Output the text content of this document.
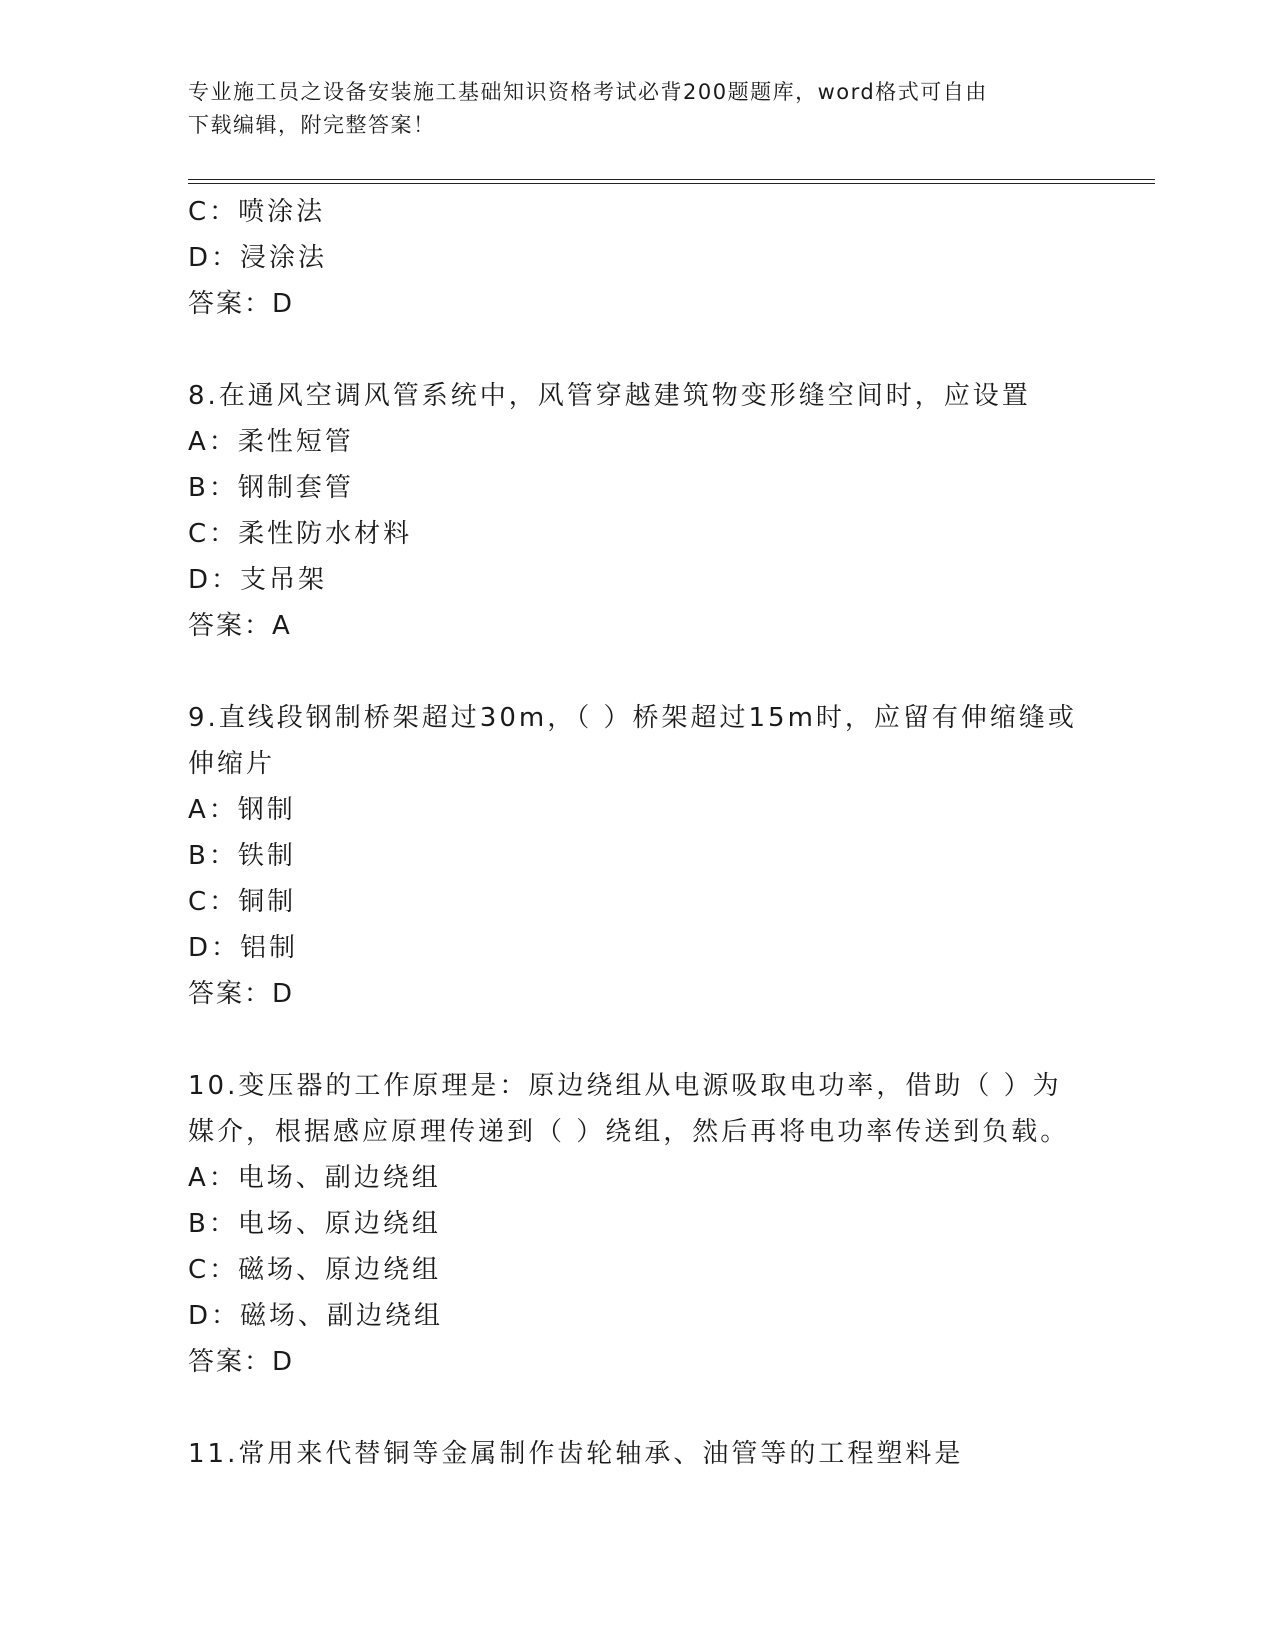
专业施工员之设备安装施工基础知识资格考试必背200题题库，word格式可自由
下载编辑，附完整答案！
C：喷涂法
D：浸涂法
答案：D
8.在通风空调风管系统中，风管穿越建筑物变形缝空间时，应设置
A：柔性短管
B：钢制套管
C：柔性防水材料
D：支吊架
答案：A
9.直线段钢制桥架超过30m，（ ）桥架超过15m时，应留有伸缩缝或
伸缩片
A：钢制
B：铁制
C：铜制
D：铝制
答案：D
10.变压器的工作原理是：原边绕组从电源吸取电功率，借助（ ）为
媒介，根据感应原理传递到（ ）绕组，然后再将电功率传送到负载。
A：电场、副边绕组
B：电场、原边绕组
C：磁场、原边绕组
D：磁场、副边绕组
答案：D
11.常用来代替铜等金属制作齿轮轴承、油管等的工程塑料是
